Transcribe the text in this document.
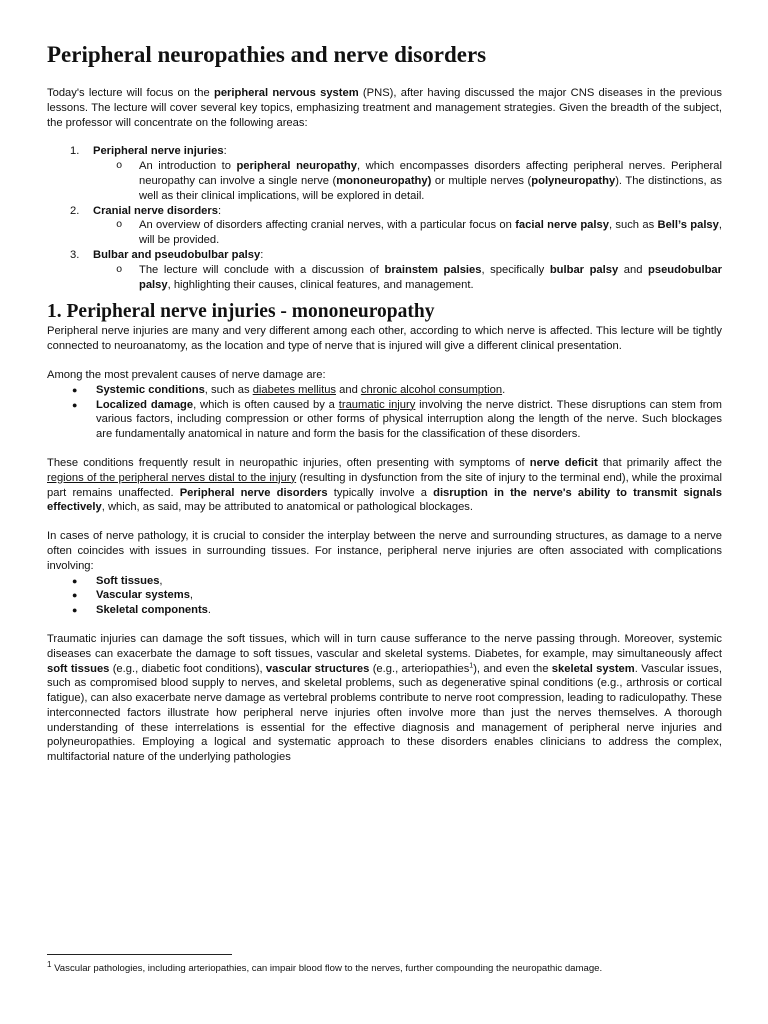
Peripheral neuropathies and nerve disorders

Today's lecture will focus on the peripheral nervous system (PNS), after having discussed the major CNS diseases in the previous lessons. The lecture will cover several key topics, emphasizing treatment and management strategies. Given the breadth of the subject, the professor will concentrate on the following areas:

1. Peripheral nerve injuries:
o An introduction to peripheral neuropathy, which encompasses disorders affecting peripheral nerves. Peripheral neuropathy can involve a single nerve (mononeuropathy) or multiple nerves (polyneuropathy). The distinctions, as well as their clinical implications, will be explored in detail.
2. Cranial nerve disorders:
o An overview of disorders affecting cranial nerves, with a particular focus on facial nerve palsy, such as Bell’s palsy, will be provided.
3. Bulbar and pseudobulbar palsy:
o The lecture will conclude with a discussion of brainstem palsies, specifically bulbar palsy and pseudobulbar palsy, highlighting their causes, clinical features, and management.
1. Peripheral nerve injuries - mononeuropathy

Peripheral nerve injuries are many and very different among each other, according to which nerve is affected. This lecture will be tightly connected to neuroanatomy, as the location and type of nerve that is injured will give a different clinical presentation.

Among the most prevalent causes of nerve damage are:

● Systemic conditions, such as diabetes mellitus and chronic alcohol consumption.
● Localized damage, which is often caused by a traumatic injury involving the nerve district. These disruptions can stem from various factors, including compression or other forms of physical interruption along the length of the nerve. Such blockages are fundamentally anatomical in nature and form the basis for the classification of these disorders.

These conditions frequently result in neuropathic injuries, often presenting with symptoms of nerve deficit that primarily affect the regions of the peripheral nerves distal to the injury (resulting in dysfunction from the site of injury to the terminal end), while the proximal part remains unaffected. Peripheral nerve disorders typically involve a disruption in the nerve's ability to transmit signals effectively, which, as said, may be attributed to anatomical or pathological blockages.

In cases of nerve pathology, it is crucial to consider the interplay between the nerve and surrounding structures, as damage to a nerve often coincides with issues in surrounding tissues. For instance, peripheral nerve injuries are often associated with complications involving:

● Soft tissues,
● Vascular systems,
● Skeletal components.

Traumatic injuries can damage the soft tissues, which will in turn cause sufferance to the nerve passing through. Moreover, systemic diseases can exacerbate the damage to soft tissues, vascular and skeletal systems. Diabetes, for example, may simultaneously affect soft tissues (e.g., diabetic foot conditions), vascular structures (e.g., arteriopathies$^1$), and even the skeletal system. Vascular issues, such as compromised blood supply to nerves, and skeletal problems, such as degenerative spinal conditions (e.g., arthrosis or cortical fatigue), can also exacerbate nerve damage as vertebral problems contribute to nerve root compression, leading to radiculopathy. These interconnected factors illustrate how peripheral nerve injuries often involve more than just the nerves themselves. A thorough understanding of these interrelations is essential for the effective diagnosis and management of peripheral nerve injuries and polyneuropathies. Employing a logical and systematic approach to these disorders enables clinicians to address the complex, multifactorial nature of the underlying pathologies

$^1$ Vascular pathologies, including arteriopathies, can impair blood flow to the nerves, further compounding the neuropathic damage.
